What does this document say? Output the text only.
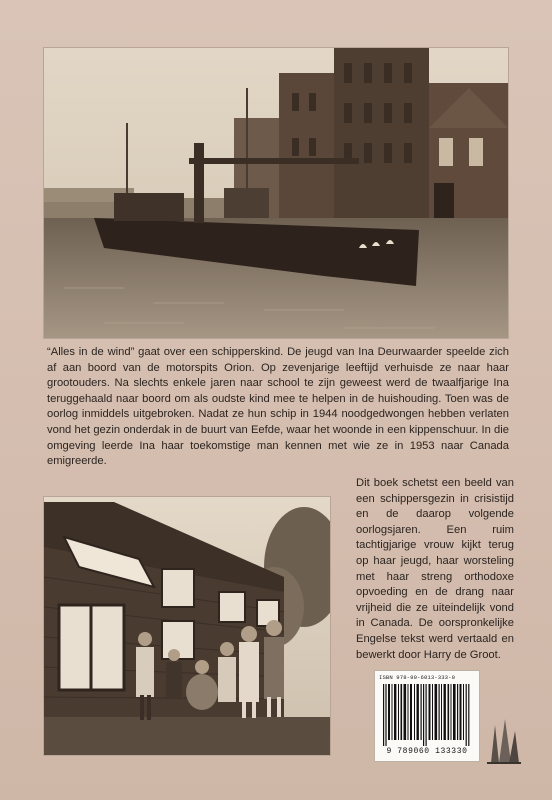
“Alles in de wind” gaat over een schipperskind. De jeugd van Ina Deurwaarder speelde zich af aan boord van de motorspits Orion. Op zevenjarige leeftijd verhuisde ze naar haar grootouders. Na slechts enkele jaren naar school te zijn geweest werd de twaalfjarige Ina teruggehaald naar boord om als oudste kind mee te helpen in de huishouding. Toen was de oorlog inmiddels uitgebroken. Nadat ze hun schip in 1944 noodgedwongen hebben verlaten vond het gezin onderdak in de buurt van Eefde, waar het woonde in een kippenschuur. In die omgeving leerde Ina haar toekomstige man kennen met wie ze in 1953 naar Canada emigreerde.

Dit boek schetst een beeld van een schippersgezin in crisistijd en de daarop volgende oorlogsjaren. Een ruim tachtigjarige vrouw kijkt terug op haar jeugd, haar worsteling met haar streng orthodoxe opvoeding en de drang naar vrijheid die ze uiteindelijk vond in Canada. De oorspronkelijke Engelse tekst werd vertaald en bewerkt door Harry de Groot.

ISBN 978-90-6013-333-0
9 789060 133330
